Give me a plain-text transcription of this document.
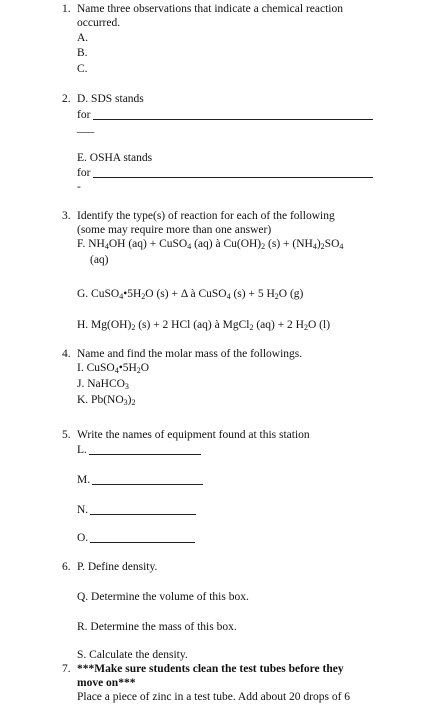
1. Name three observations that indicate a chemical reaction
occurred.
A.
B.
C.
2. D. SDS stands
for
___
E. OSHA stands
for
-
3. Identify the type(s) of reaction for each of the following
(some may require more than one answer)
F. $NH_4OH$ (aq) + CuSO$_4$ (aq) à $Cu(OH)_2$ $(s) + (NH_4)_2SO_4$
(aq)
G. $CuSO_4•5H_2O$ (s) + Δ à CuSO$_4$ (s) + 5 $H_2O$ (g)
H. $Mg(OH)_2$ (s) + 2 HCl (aq) à MgCl$_2$ (aq) + 2 $H_2O$ (l)
4. Name and find the molar mass of the followings.
I. $CuSO_4•5H_2O$
J. NaHCO$_3$
K. $Pb(NO_3)_2$
5. Write the names of equipment found at this station
L.
M.
N.
O.
6. P. Define density.
Q. Determine the volume of this box.
R. Determine the mass of this box.
S. Calculate the density.
7. ***Make sure students clean the test tubes before they
move on***
Place a piece of zinc in a test tube. Add about 20 drops of 6
